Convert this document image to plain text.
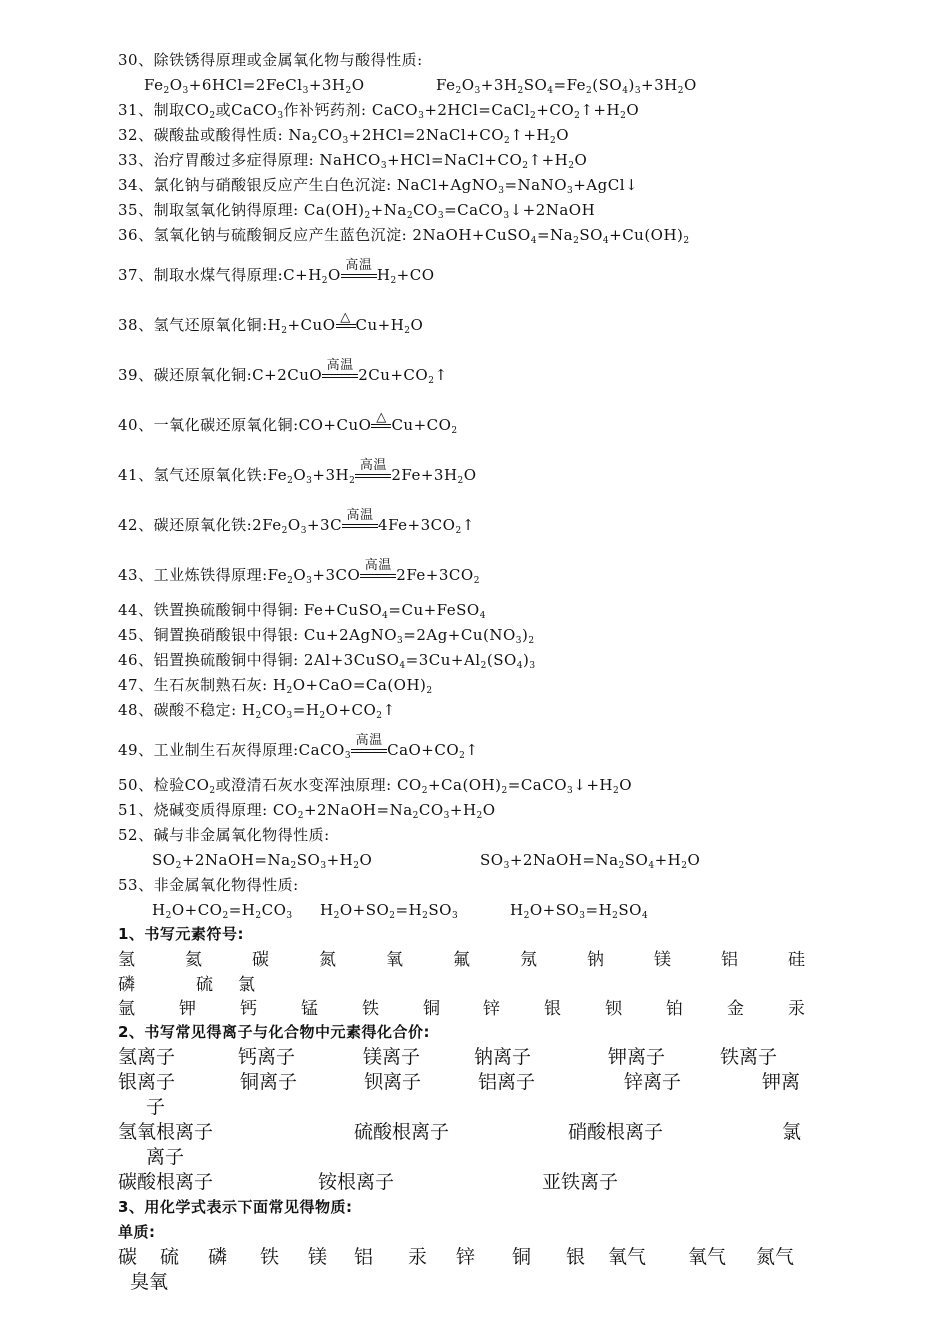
30、除铁锈得原理或金属氧化物与酸得性质:
$Fe_2O_3+6HCl=2FeCl_3+3H_2O$	$Fe_2O_3+3H_2SO_4=Fe_2(SO_4)_3+3H_2O$
31、制取$CO_2$或CaCO$_3$作补钙药剂: $CaCO_3+2HCl=CaCl_2+CO_2↑+H_2O$
32、碳酸盐或酸得性质: $Na_2CO_3+2HCl=2NaCl+CO_2↑+H_2O$
33、治疗胃酸过多症得原理: $NaHCO_3+HCl=NaCl+CO_2↑+H_2O$
34、氯化钠与硝酸银反应产生白色沉淀: NaCl+AgNO$_3$=NaNO$_3$+AgCl↓
35、制取氢氧化钠得原理: $Ca(OH)_2+Na_2CO_3=CaCO_3↓+2NaOH$
36、氢氧化钠与硫酸铜反应产生蓝色沉淀: $2NaOH+CuSO_4=Na_2SO_4+Cu(OH)_2$
37、制取水煤气得原理$:C+H_2O$
高温
$H_2+CO$
38、氢气还原氧化铜$:H_2+CuO$ △ $Cu+H_2O$
39、碳还原氧化铜:C+2CuO
高温
$2Cu+CO_2↑$
40、一氧化碳还原氧化铜:CO+CuO △ $Cu+CO_2$
41、氢气还原氧化铁$:Fe_2O_3+3H_2$
高温
$2Fe+3H_2O$
42、碳还原氧化铁$:2Fe_2O_3+3C$
高温
$4Fe+3CO_2↑$
43、工业炼铁得原理$:Fe_2O_3+3CO$
高温
$2Fe+3CO_2$
44、铁置换硫酸铜中得铜: Fe+CuSO$_4$=Cu+FeSO$_4$
45、铜置换硝酸银中得银: $Cu+2AgNO_3=2Ag+Cu(NO_3)_2$
46、铝置换硫酸铜中得铜: $2Al+3CuSO_4=3Cu+Al_2(SO_4)_3$
47、生石灰制熟石灰: $H_2O+CaO=Ca(OH)_2$
48、碳酸不稳定: $H_2CO_3=H_2O+CO_2↑$
49、工业制生石灰得原理:CaCO$_3$
高温
$CaO+CO_2↑$
50、检验$CO_2$或澄清石灰水变浑浊原理: $CO_2+Ca(OH)_2=CaCO_3↓+H_2O$
51、烧碱变质得原理: $CO_2+2NaOH=Na_2CO_3+H_2O$
52、碱与非金属氧化物得性质:
$SO_2+2NaOH=Na_2SO_3+H_2O$	$SO_3+2NaOH=Na_2SO_4+H_2O$
53、非金属氧化物得性质:
$H_2O+CO_2=H_2CO_3$ $H_2O+SO_2=H_2SO_3$	$H_2O+SO_3=H_2SO_4$
1、书写元素符号:
氢	氦	碳	氮	氧	氟	氖	钠	镁	铝	硅
磷	硫 氯
氩	钾	钙	锰	铁	铜	锌	银	钡	铂	金	汞
2、书写常见得离子与化合物中元素得化合价:
氢离子	钙离子	镁离子	钠离子	钾离子	铁离子
银离子	铜离子	钡离子	铝离子	锌离子	钾离
子
氢氧根离子	硫酸根离子	硝酸根离子	氯
离子
碳酸根离子	铵根离子	亚铁离子
3、用化学式表示下面常见得物质:
单质:
碳 硫 磷 铁 镁 铝 汞 锌 铜 银 氧气 氧气 氮气
臭氧
